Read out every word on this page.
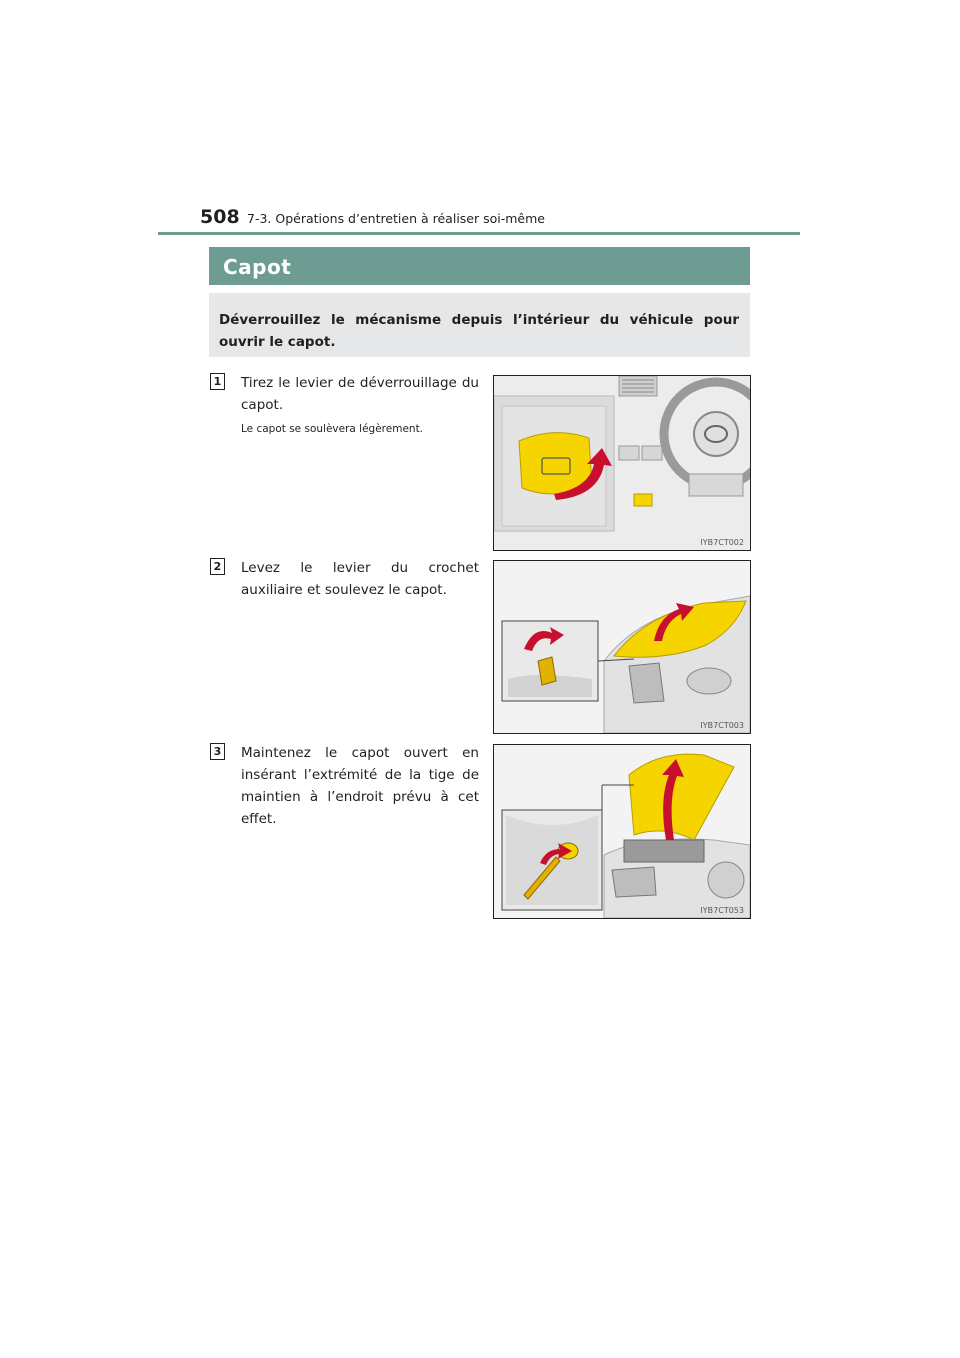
508 7-3. Opérations d’entretien à réaliser soi-même
Capot
Déverrouillez le mécanisme depuis l’intérieur du véhicule pour ouvrir le capot.
1 Tirez le levier de déverrouillage du capot.
Le capot se soulèvera légèrement.
IYB7CT002
2 Levez le levier du crochet auxiliaire et soulevez le capot.
IYB7CT003
3 Maintenez le capot ouvert en insérant l’extrémité de la tige de maintien à l’endroit prévu à cet effet.
IYB7CT053
